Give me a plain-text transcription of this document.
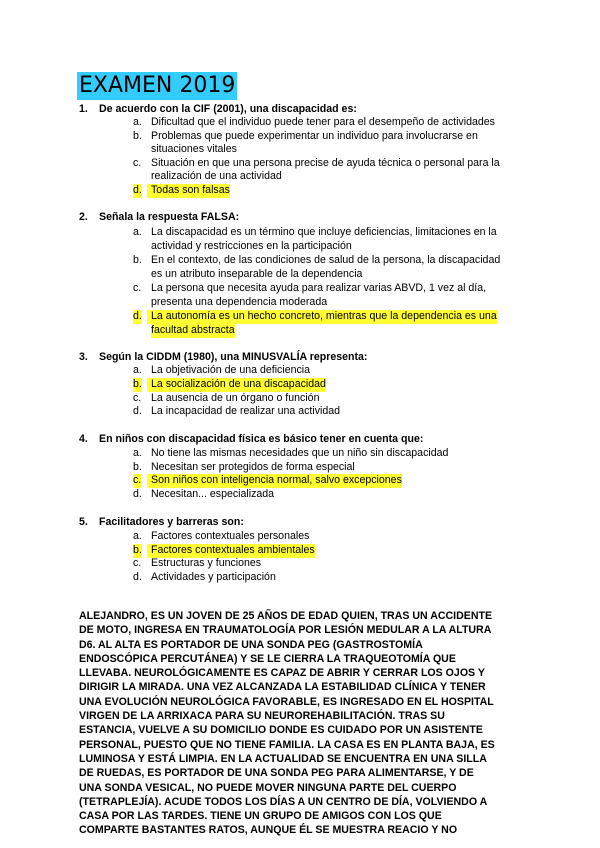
EXAMEN 2019
1. De acuerdo con la CIF (2001), una discapacidad es:
a. Dificultad que el individuo puede tener para el desempeño de actividades
b. Problemas que puede experimentar un individuo para involucrarse en
situaciones vitales
c. Situación en que una persona precise de ayuda técnica o personal para la
realización de una actividad
d. Todas son falsas
2. Señala la respuesta FALSA:
a. La discapacidad es un término que incluye deficiencias, limitaciones en la
actividad y restricciones en la participación
b. En el contexto, de las condiciones de salud de la persona, la discapacidad
es un atributo inseparable de la dependencia
c. La persona que necesita ayuda para realizar varias ABVD, 1 vez al día,
presenta una dependencia moderada
d. La autonomía es un hecho concreto, mientras que la dependencia es una
facultad abstracta
3. Según la CIDDM (1980), una MINUSVALÍA representa:
a. La objetivación de una deficiencia
b. La socialización de una discapacidad
c. La ausencia de un órgano o función
d. La incapacidad de realizar una actividad
4. En niños con discapacidad física es básico tener en cuenta que:
a. No tiene las mismas necesidades que un niño sin discapacidad
b. Necesitan ser protegidos de forma especial
c. Son niños con inteligencia normal, salvo excepciones
d. Necesitan... especializada
5. Facilitadores y barreras son:
a. Factores contextuales personales
b. Factores contextuales ambientales
c. Estructuras y funciones
d. Actividades y participación
ALEJANDRO, ES UN JOVEN DE 25 AÑOS DE EDAD QUIEN, TRAS UN ACCIDENTE
DE MOTO, INGRESA EN TRAUMATOLOGÍA POR LESIÓN MEDULAR A LA ALTURA
D6. AL ALTA ES PORTADOR DE UNA SONDA PEG (GASTROSTOMÍA
ENDOSCÓPICA PERCUTÁNEA) Y SE LE CIERRA LA TRAQUEOTOMÍA QUE
LLEVABA. NEUROLÓGICAMENTE ES CAPAZ DE ABRIR Y CERRAR LOS OJOS Y
DIRIGIR LA MIRADA. UNA VEZ ALCANZADA LA ESTABILIDAD CLÍNICA Y TENER
UNA EVOLUCIÓN NEUROLÓGICA FAVORABLE, ES INGRESADO EN EL HOSPITAL
VIRGEN DE LA ARRIXACA PARA SU NEUROREHABILITACIÓN. TRAS SU
ESTANCIA, VUELVE A SU DOMICILIO DONDE ES CUIDADO POR UN ASISTENTE
PERSONAL, PUESTO QUE NO TIENE FAMILIA. LA CASA ES EN PLANTA BAJA, ES
LUMINOSA Y ESTÁ LIMPIA. EN LA ACTUALIDAD SE ENCUENTRA EN UNA SILLA
DE RUEDAS, ES PORTADOR DE UNA SONDA PEG PARA ALIMENTARSE, Y DE
UNA SONDA VESICAL, NO PUEDE MOVER NINGUNA PARTE DEL CUERPO
(TETRAPLEJÍA). ACUDE TODOS LOS DÍAS A UN CENTRO DE DÍA, VOLVIENDO A
CASA POR LAS TARDES. TIENE UN GRUPO DE AMIGOS CON LOS QUE
COMPARTE BASTANTES RATOS, AUNQUE ÉL SE MUESTRA REACIO Y NO
